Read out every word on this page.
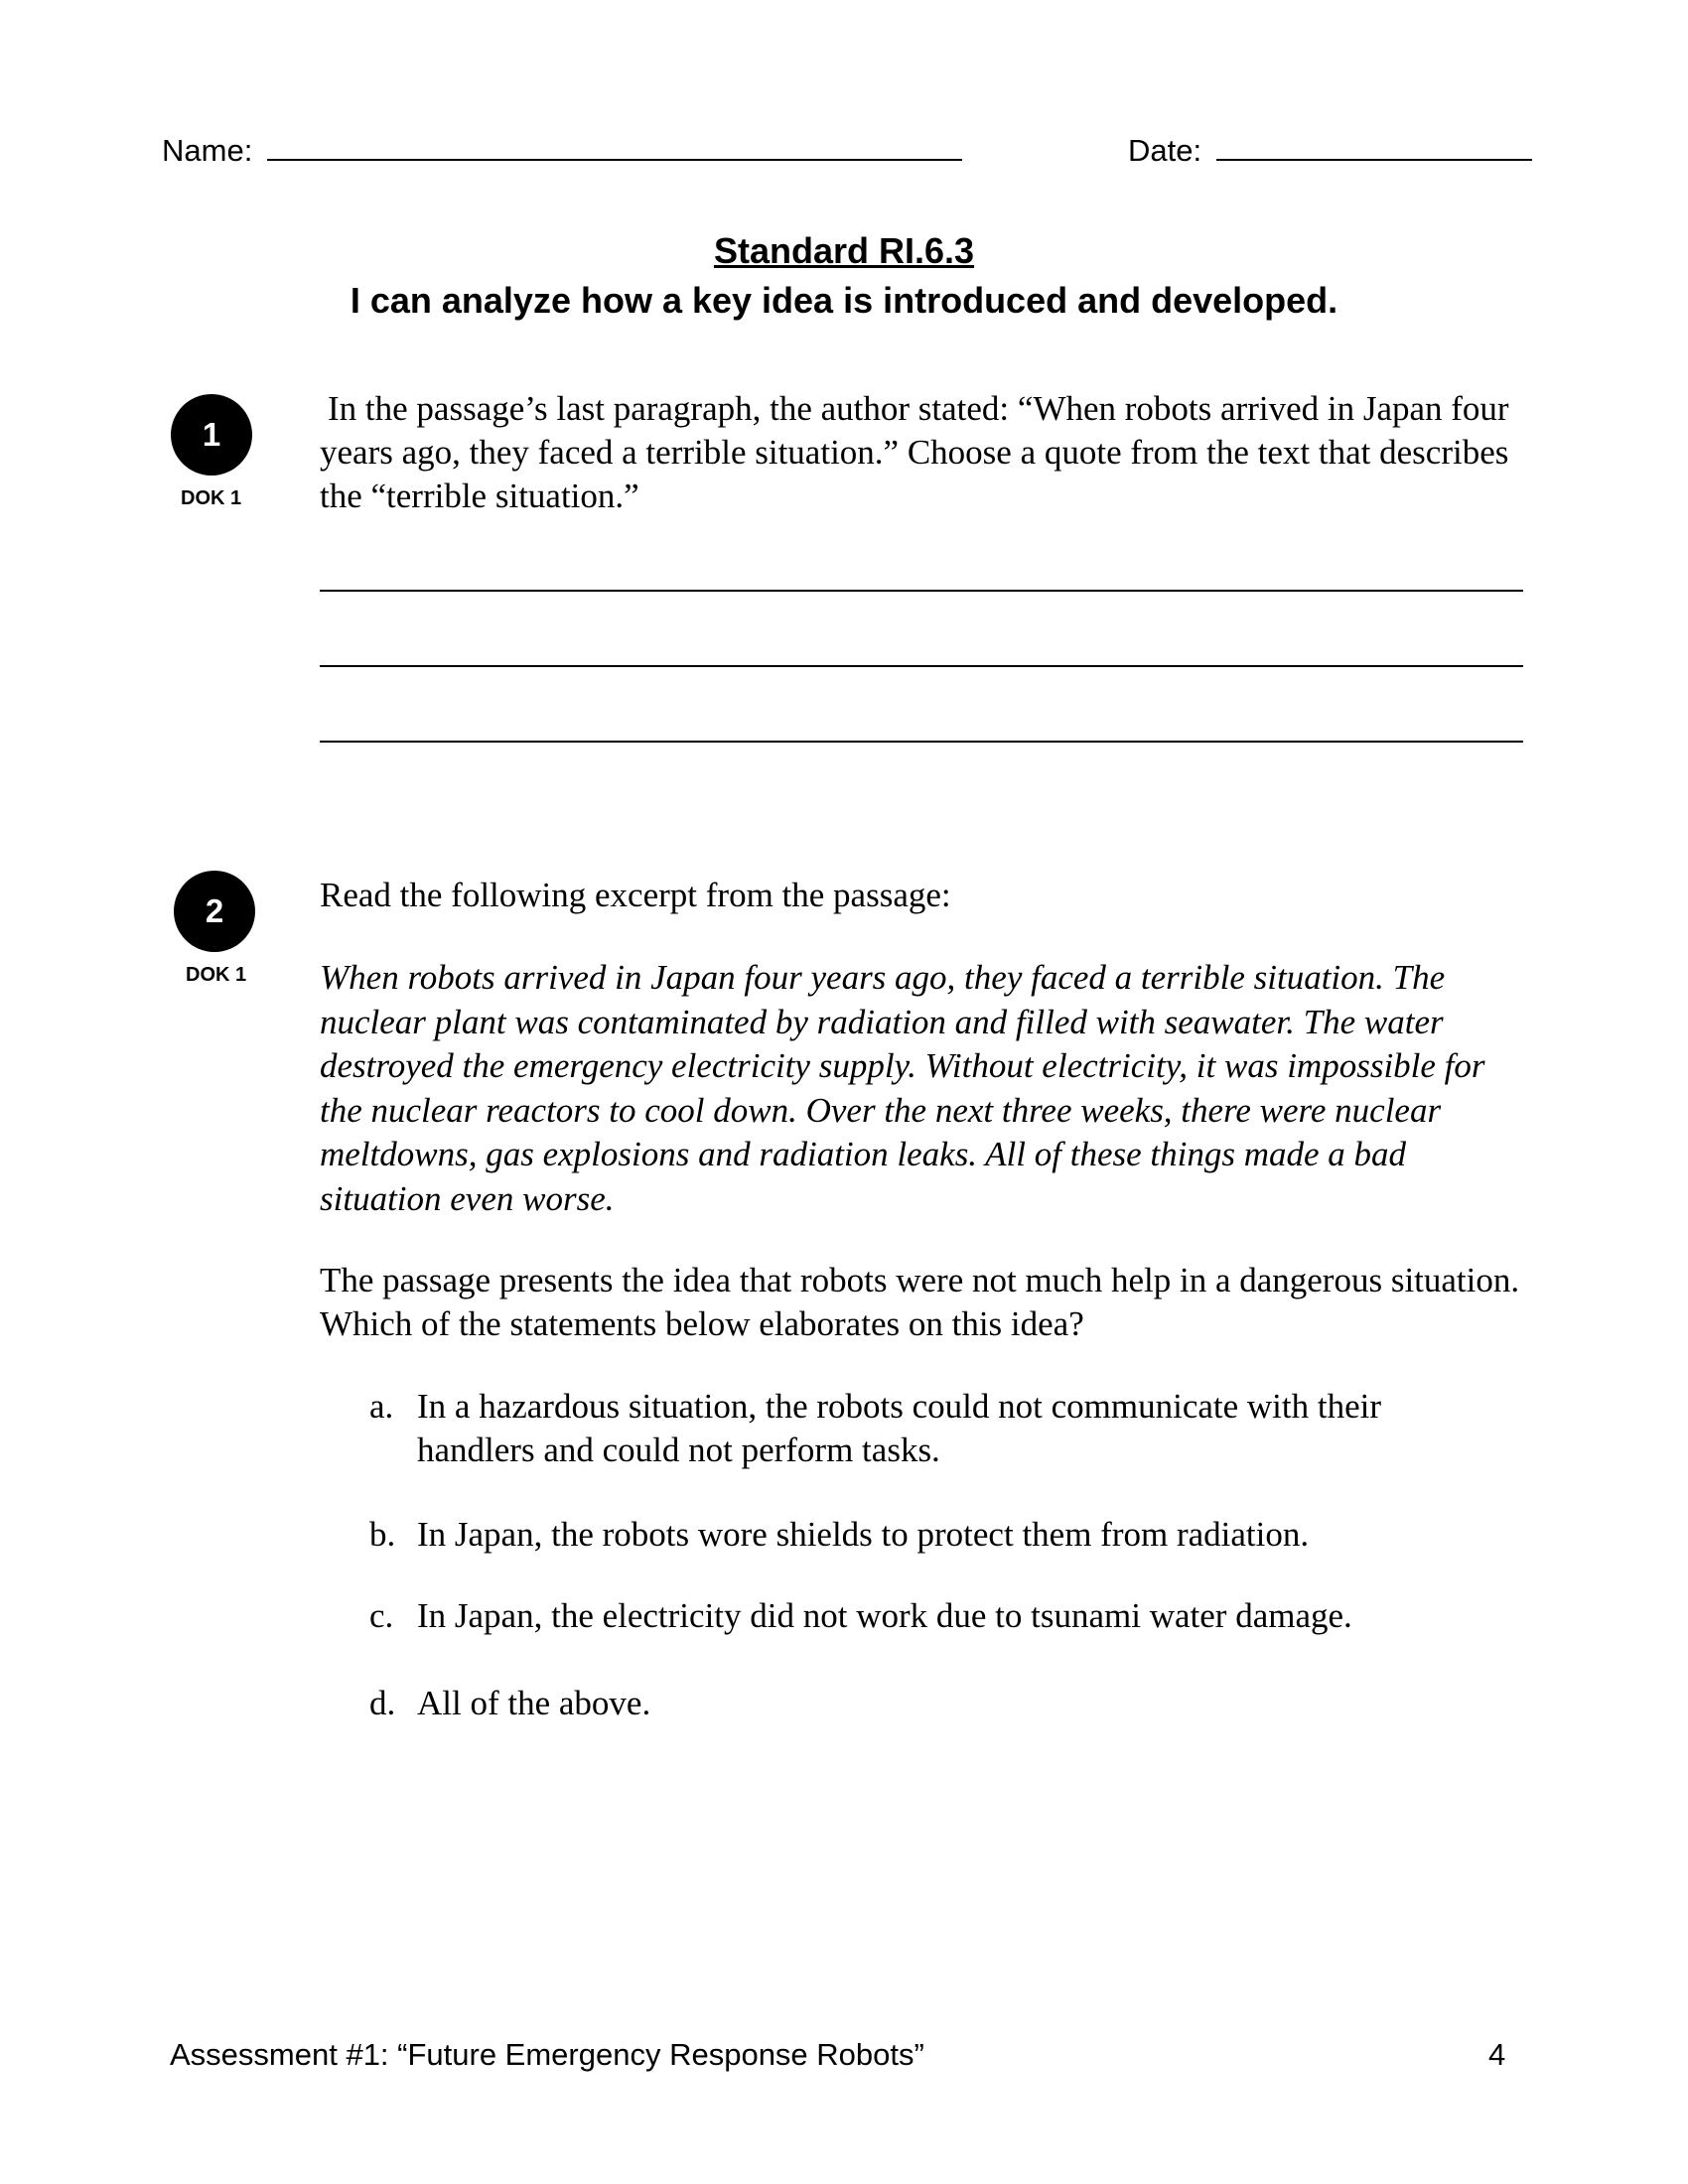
Name:	Date:
Standard RI.6.3
I can analyze how a key idea is introduced and developed.
1
DOK 1
In the passage’s last paragraph, the author stated: “When robots arrived in Japan four years ago, they faced a terrible situation.” Choose a quote from the text that describes the “terrible situation.”
2
DOK 1
Read the following excerpt from the passage:
When robots arrived in Japan four years ago, they faced a terrible situation. The nuclear plant was contaminated by radiation and filled with seawater. The water destroyed the emergency electricity supply. Without electricity, it was impossible for the nuclear reactors to cool down. Over the next three weeks, there were nuclear meltdowns, gas explosions and radiation leaks. All of these things made a bad situation even worse.
The passage presents the idea that robots were not much help in a dangerous situation. Which of the statements below elaborates on this idea?
a. In a hazardous situation, the robots could not communicate with their handlers and could not perform tasks.
b. In Japan, the robots wore shields to protect them from radiation.
c. In Japan, the electricity did not work due to tsunami water damage.
d. All of the above.
Assessment #1: “Future Emergency Response Robots”	4
